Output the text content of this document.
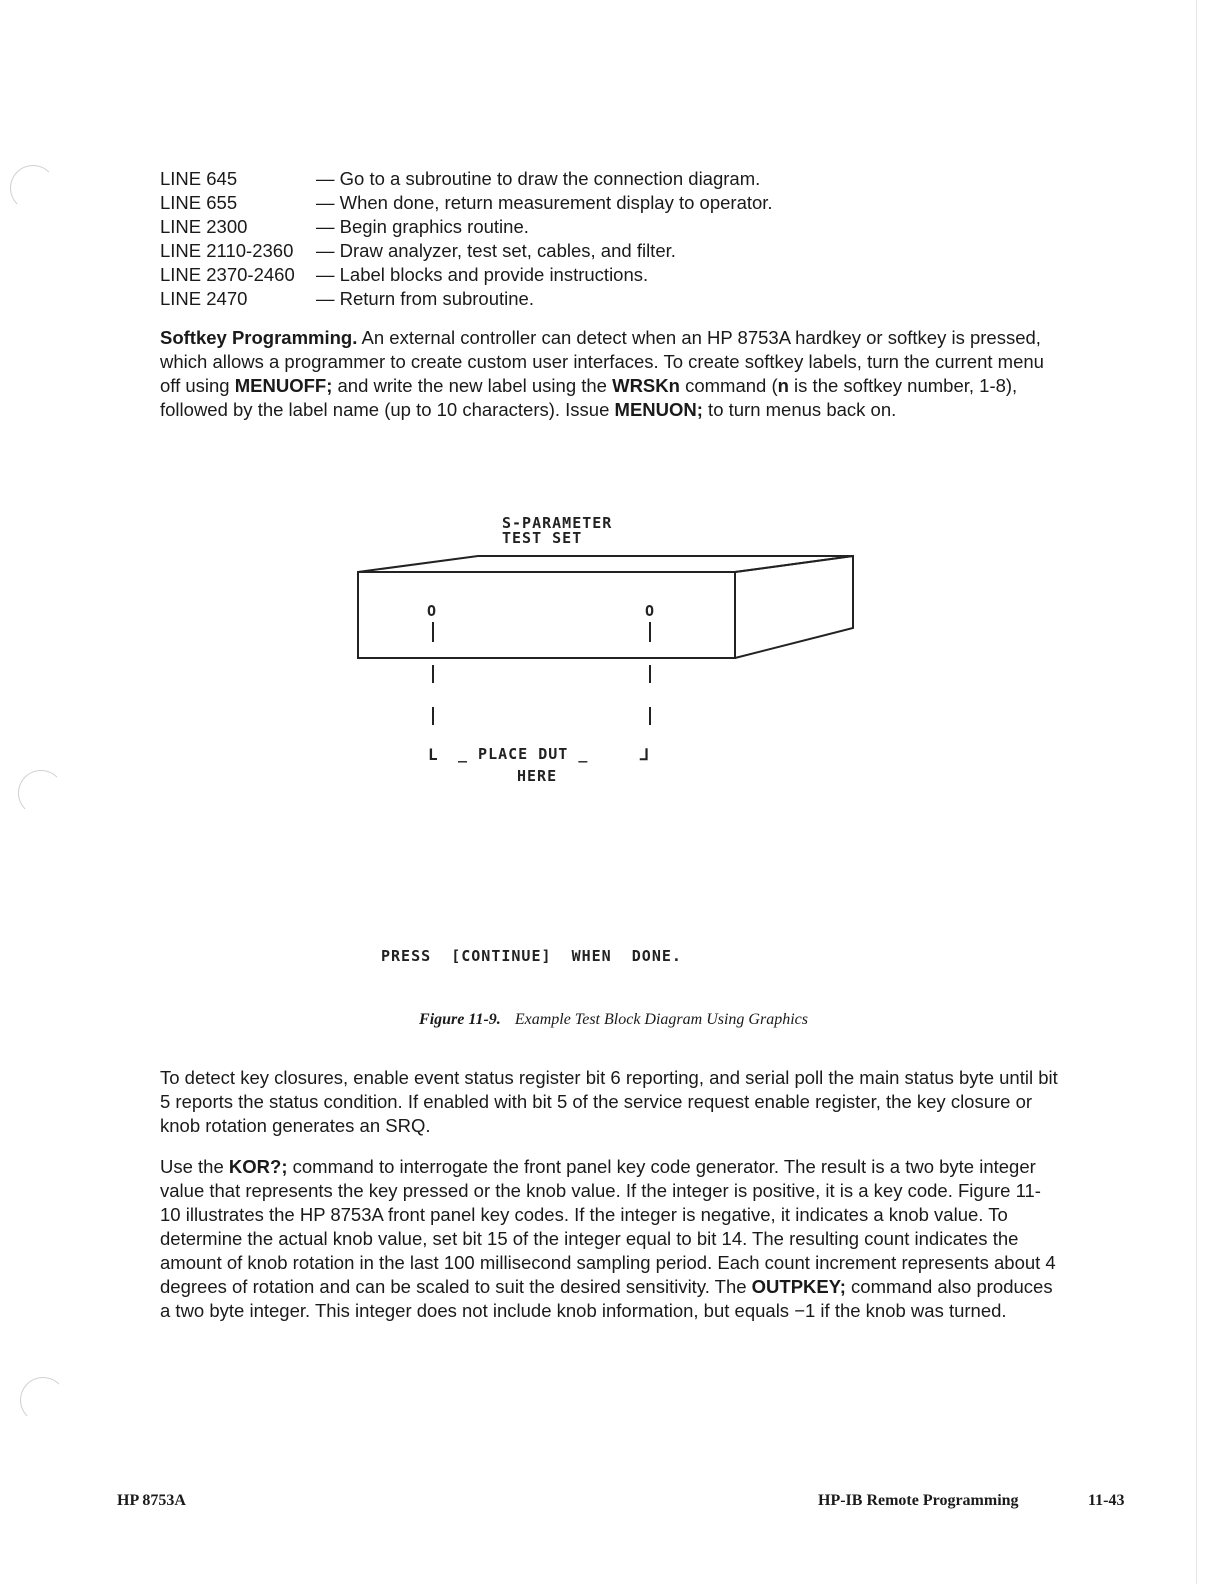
LINE 645	— Go to a subroutine to draw the connection diagram.
LINE 655	— When done, return measurement display to operator.
LINE 2300	— Begin graphics routine.
LINE 2110-2360	— Draw analyzer, test set, cables, and filter.
LINE 2370-2460	— Label blocks and provide instructions.
LINE 2470	— Return from subroutine.

Softkey Programming. An external controller can detect when an HP 8753A hardkey or softkey is pressed, which allows a programmer to create custom user interfaces. To create softkey labels, turn the current menu off using MENUOFF; and write the new label using the WRSKn command (n is the softkey number, 1-8), followed by the label name (up to 10 characters). Issue MENUON; to turn menus back on.

S-PARAMETER
TEST SET
O	O
L _ PLACE DUT _	⅃
HERE
PRESS  [CONTINUE]  WHEN  DONE.
Figure 11-9. Example Test Block Diagram Using Graphics

To detect key closures, enable event status register bit 6 reporting, and serial poll the main status byte until bit 5 reports the status condition. If enabled with bit 5 of the service request enable register, the key closure or knob rotation generates an SRQ.

Use the KOR?; command to interrogate the front panel key code generator. The result is a two byte integer value that represents the key pressed or the knob value. If the integer is positive, it is a key code. Figure 11-10 illustrates the HP 8753A front panel key codes. If the integer is negative, it indicates a knob value. To determine the actual knob value, set bit 15 of the integer equal to bit 14. The resulting count indicates the amount of knob rotation in the last 100 millisecond sampling period. Each count increment represents about 4 degrees of rotation and can be scaled to suit the desired sensitivity. The OUTPKEY; command also produces a two byte integer. This integer does not include knob information, but equals −1 if the knob was turned.

HP 8753A	HP-IB Remote Programming	11-43
